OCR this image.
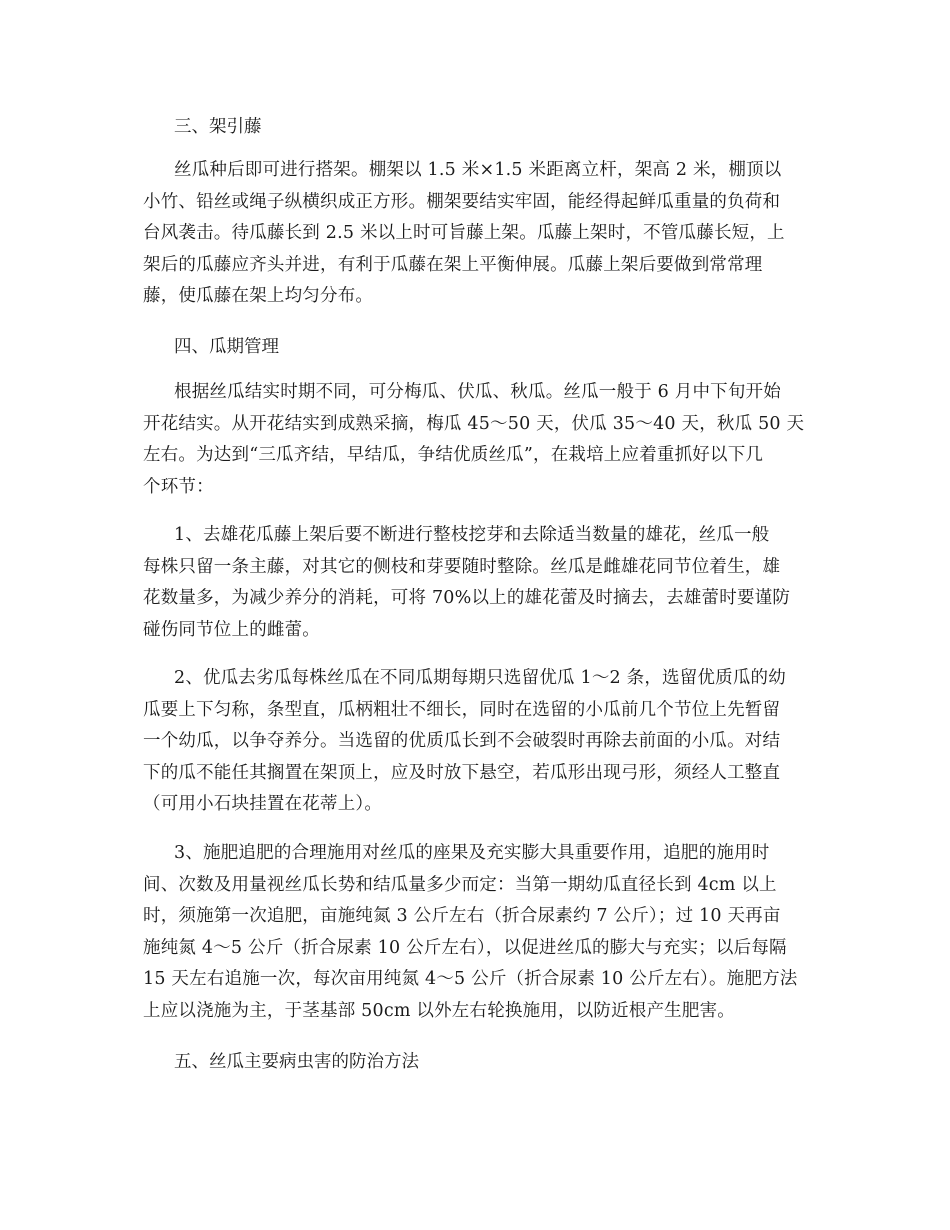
三、架引藤

丝瓜种后即可进行搭架。棚架以 1.5 米×1.5 米距离立杆，架高 2 米，棚顶以
小竹、铅丝或绳子纵横织成正方形。棚架要结实牢固，能经得起鲜瓜重量的负荷和
台风袭击。待瓜藤长到 2.5 米以上时可旨藤上架。瓜藤上架时，不管瓜藤长短，上
架后的瓜藤应齐头并进，有利于瓜藤在架上平衡伸展。瓜藤上架后要做到常常理
藤，使瓜藤在架上均匀分布。

四、瓜期管理

根据丝瓜结实时期不同，可分梅瓜、伏瓜、秋瓜。丝瓜一般于 6 月中下旬开始
开花结实。从开花结实到成熟采摘，梅瓜 45～50 天，伏瓜 35～40 天，秋瓜 50 天
左右。为达到“三瓜齐结，早结瓜，争结优质丝瓜”，在栽培上应着重抓好以下几
个环节：
1、去雄花瓜藤上架后要不断进行整枝挖芽和去除适当数量的雄花，丝瓜一般
每株只留一条主藤，对其它的侧枝和芽要随时整除。丝瓜是雌雄花同节位着生，雄
花数量多，为减少养分的消耗，可将 70%以上的雄花蕾及时摘去，去雄蕾时要谨防
碰伤同节位上的雌蕾。
2、优瓜去劣瓜每株丝瓜在不同瓜期每期只选留优瓜 1～2 条，选留优质瓜的幼
瓜要上下匀称，条型直，瓜柄粗壮不细长，同时在选留的小瓜前几个节位上先暂留
一个幼瓜，以争夺养分。当选留的优质瓜长到不会破裂时再除去前面的小瓜。对结
下的瓜不能任其搁置在架顶上，应及时放下悬空，若瓜形出现弓形，须经人工整直
（可用小石块挂置在花蒂上）。
3、施肥追肥的合理施用对丝瓜的座果及充实膨大具重要作用，追肥的施用时
间、次数及用量视丝瓜长势和结瓜量多少而定：当第一期幼瓜直径长到 4cm 以上
时，须施第一次追肥，亩施纯氮 3 公斤左右（折合尿素约 7 公斤）；过 10 天再亩
施纯氮 4～5 公斤（折合尿素 10 公斤左右），以促进丝瓜的膨大与充实；以后每隔
15 天左右追施一次，每次亩用纯氮 4～5 公斤（折合尿素 10 公斤左右）。施肥方法
上应以浇施为主，于茎基部 50cm 以外左右轮换施用，以防近根产生肥害。

五、丝瓜主要病虫害的防治方法
